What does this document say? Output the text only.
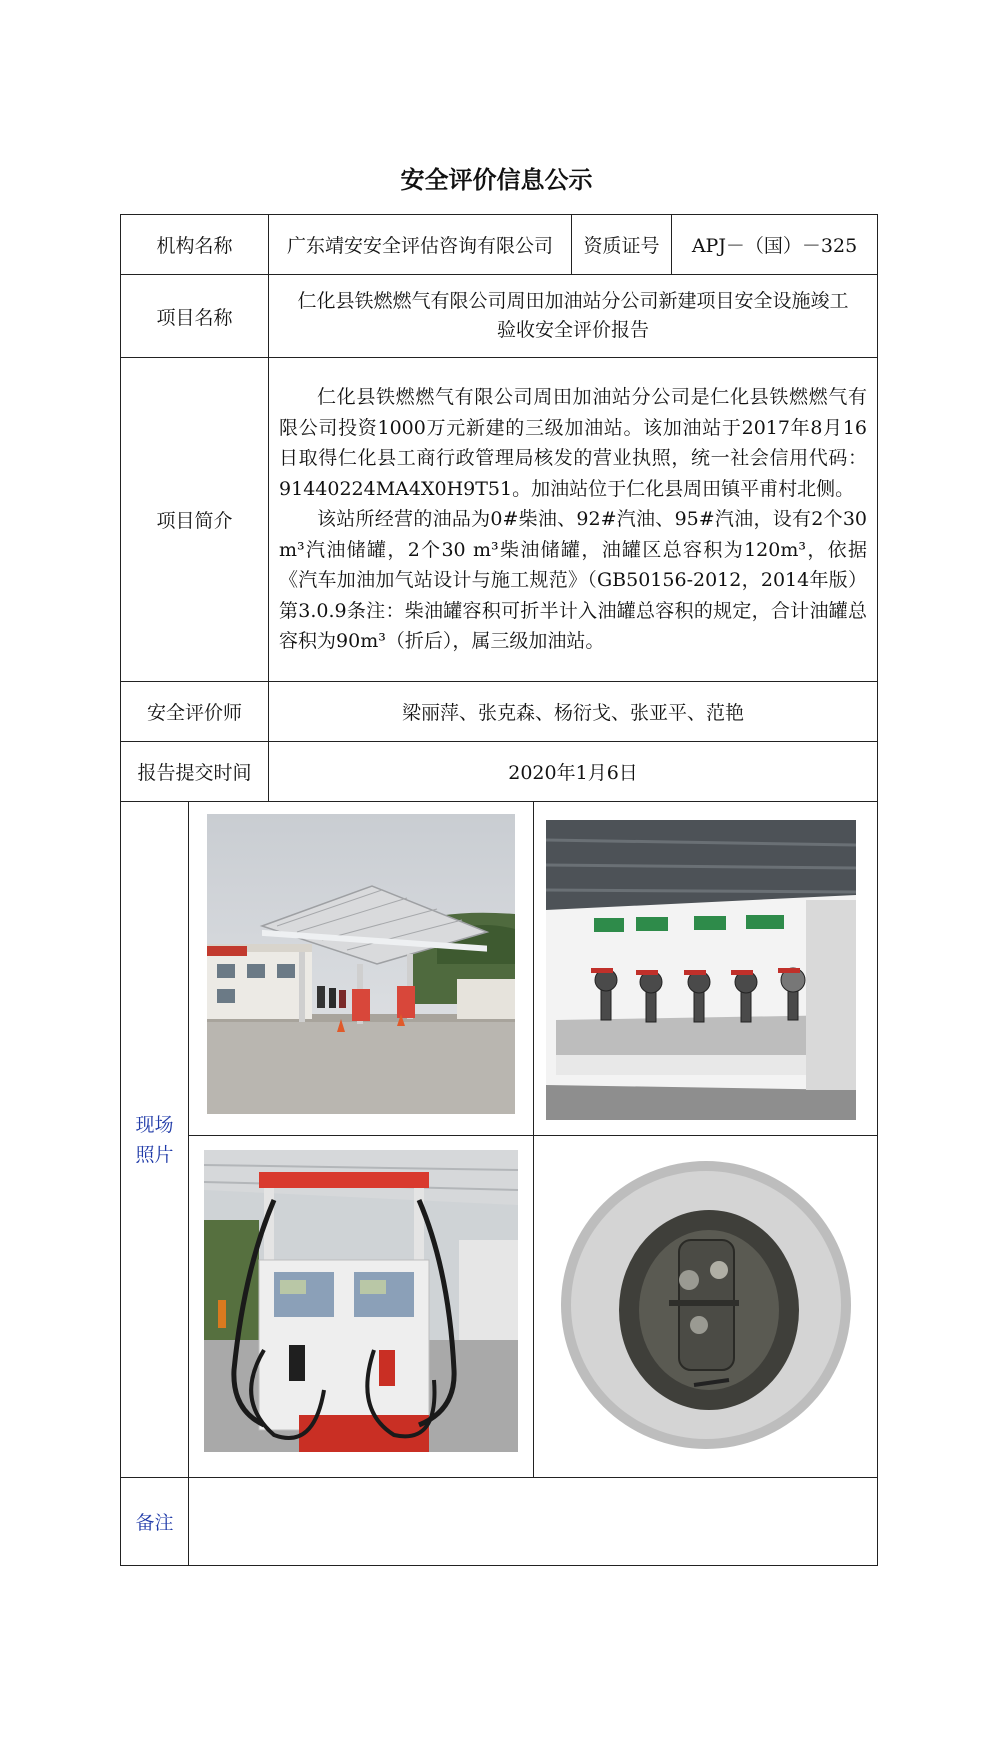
安全评价信息公示
机构名称		广东靖安安全评估咨询有限公司	资质证号	APJ－（国）－325
项目名称		仁化县铁燃燃气有限公司周田加油站分公司新建项目安全设施竣工
验收安全评价报告		

项目简介		仁化县铁燃燃气有限公司周田加油站分公司是仁化县铁燃燃气有限公司投资1000万元新建的三级加油站。该加油站于2017年8月16日取得仁化县工商行政管理局核发的营业执照，统一社会信用代码：91440224MA4X0H9T51。加油站位于仁化县周田镇平甫村北侧。

该站所经营的油品为0#柴油、92#汽油、95#汽油，设有2个30 m³汽油储罐，2个30 m³柴油储罐，油罐区总容积为120m³，依据《汽车加油加气站设计与施工规范》（GB50156-2012，2014年版）第3.0.9条注：柴油罐容积可折半计入油罐总容积的规定，合计油罐总容积为90m³（折后），属三级加油站。		

安全评价师		梁丽萍、张克森、杨衍戈、张亚平、范艳		
报告提交时间		2020年1月6日		

现场
照片

备注				
